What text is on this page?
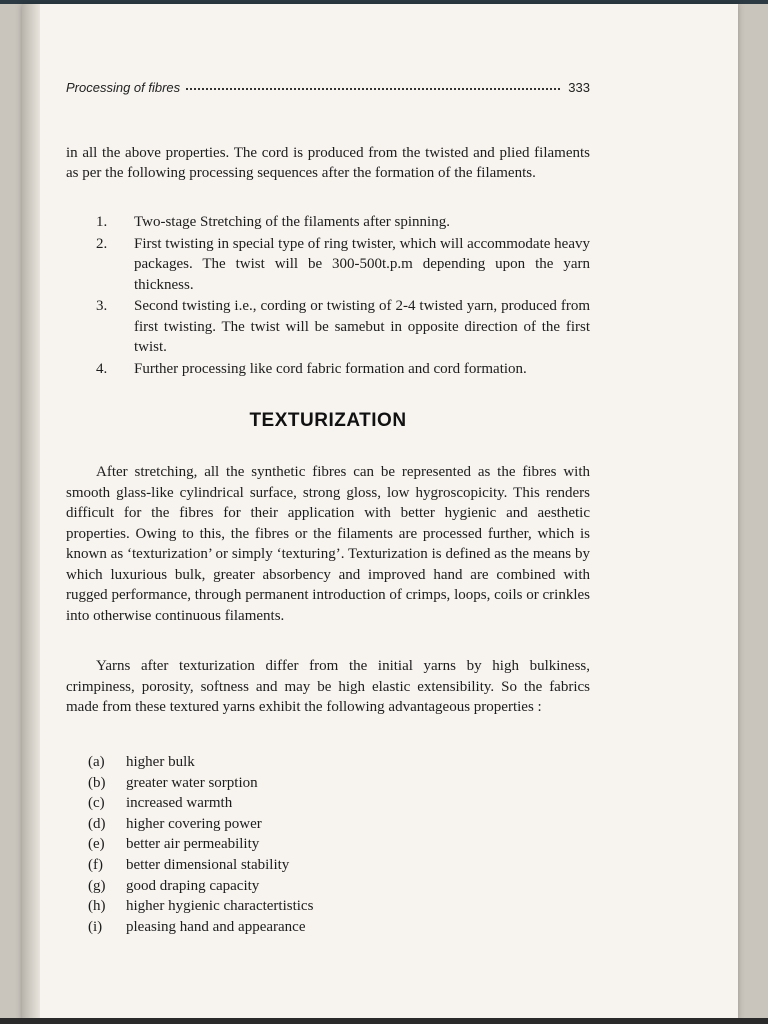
Processing of fibres	333
in all the above properties. The cord is produced from the twisted and plied filaments as per the following processing sequences after the formation of the filaments.
1.	Two-stage Stretching of the filaments after spinning.
2.	First twisting in special type of ring twister, which will accommodate heavy packages. The twist will be 300-500t.p.m depending upon the yarn thickness.
3.	Second twisting i.e., cording or twisting of 2-4 twisted yarn, produced from first twisting. The twist will be samebut in opposite direction of the first twist.
4.	Further processing like cord fabric formation and cord formation.
TEXTURIZATION
After stretching, all the synthetic fibres can be represented as the fibres with smooth glass-like cylindrical surface, strong gloss, low hygroscopicity. This renders difficult for the fibres for their application with better hygienic and aesthetic properties. Owing to this, the fibres or the filaments are processed further, which is known as ‘texturization’ or simply ‘texturing’. Texturization is defined as the means by which luxurious bulk, greater absorbency and improved hand are combined with rugged performance, through permanent introduction of crimps, loops, coils or crinkles into otherwise continuous filaments.
Yarns after texturization differ from the initial yarns by high bulkiness, crimpiness, porosity, softness and may be high elastic extensibility. So the fabrics made from these textured yarns exhibit the following advantageous properties :
(a)	higher bulk
(b)	greater water sorption
(c)	increased warmth
(d)	higher covering power
(e)	better air permeability
(f)	better dimensional stability
(g)	good draping capacity
(h)	higher hygienic charactertistics
(i)	pleasing hand and appearance
